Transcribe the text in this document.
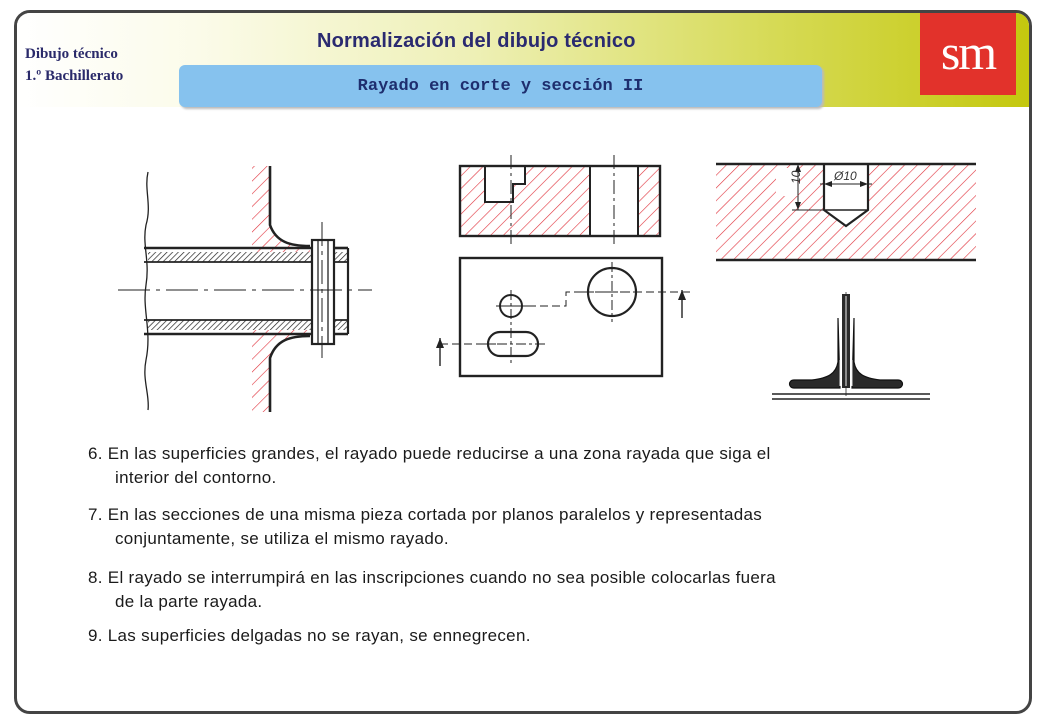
Dibujo técnico
1.º Bachillerato
Normalización del dibujo técnico
Rayado en corte y sección II
sm
10	Ø10
6. En las superficies grandes, el rayado puede reducirse a una zona rayada que siga el
interior del contorno.
7. En las secciones de una misma pieza cortada por planos paralelos y representadas
conjuntamente, se utiliza el mismo rayado.
8. El rayado se interrumpirá en las inscripciones cuando no sea posible colocarlas fuera
de la parte rayada.
9. Las superficies delgadas no se rayan, se ennegrecen.
